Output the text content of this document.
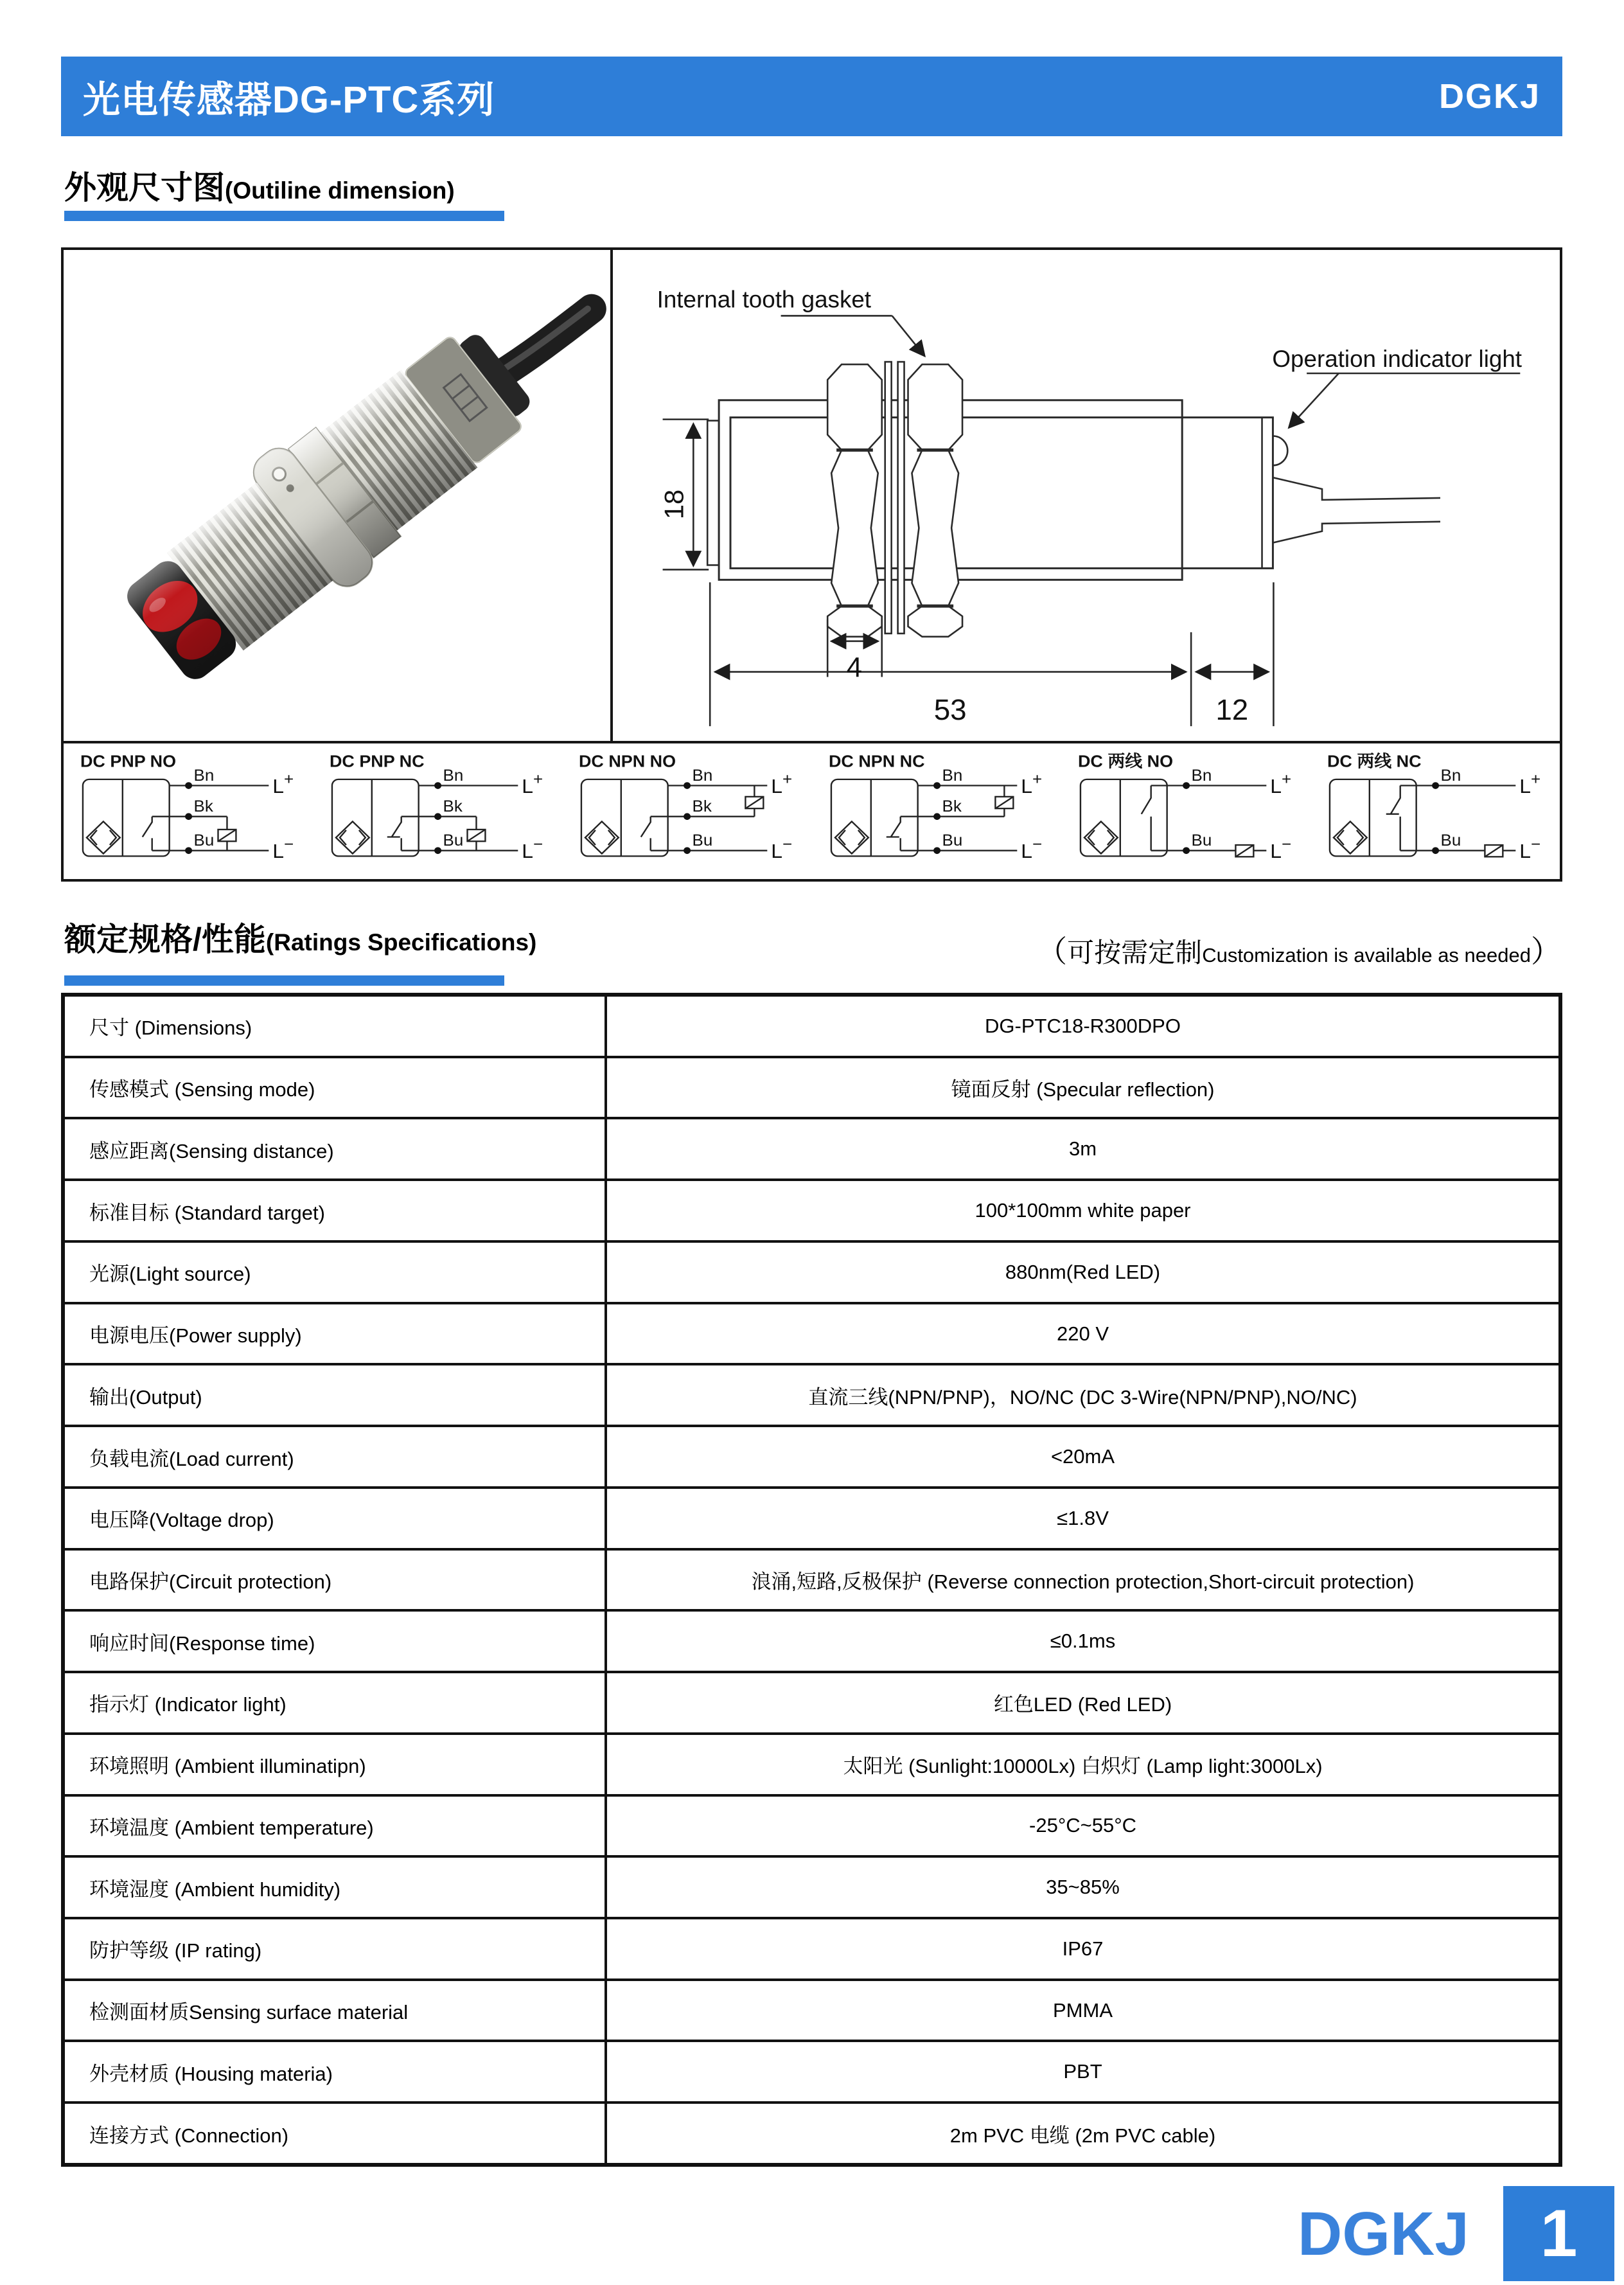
光电传感器DG-PTC系列	DGKJ
外观尺寸图(Outiline dimension)
Internal tooth gasket
Operation indicator light
18
4
53	12
DC PNP NO
Bn
Bk
Bu
L+
L−
DC PNP NC
Bn
Bk
Bu
L+
L−
DC NPN NO
Bn
Bk
Bu
L+
L−
DC NPN NC
Bn
Bk
Bu
L+
L−
DC 两线 NO
Bn
Bu
L+
L−
DC 两线 NC
Bn
Bu
L+
L−
额定规格/性能(Ratings Specifications)	（可按需定制Customization is available as needed）
尺寸 (Dimensions)	DG-PTC18-R300DPO
传感模式 (Sensing mode)	镜面反射 (Specular reflection)
感应距离(Sensing distance)	3m
标准目标 (Standard target)	100*100mm white paper
光源(Light source)	880nm(Red LED)
电源电压(Power supply)	220 V
输出(Output)	直流三线(NPN/PNP)，NO/NC (DC 3-Wire(NPN/PNP),NO/NC)
负载电流(Load current)	<20mA
电压降(Voltage drop)	≤1.8V
电路保护(Circuit protection)	浪涌,短路,反极保护 (Reverse connection protection,Short-circuit protection)
响应时间(Response time)	≤0.1ms
指示灯 (Indicator light)	红色LED (Red LED)
环境照明 (Ambient illuminatipn)	太阳光 (Sunlight:10000Lx) 白炽灯 (Lamp light:3000Lx)
环境温度 (Ambient temperature)	-25°C~55°C
环境湿度 (Ambient humidity)	35~85%
防护等级 (IP rating)	IP67
检测面材质Sensing surface material	PMMA
外壳材质 (Housing materia)	PBT
连接方式 (Connection)	2m PVC 电缆 (2m PVC cable)
DGKJ 1
